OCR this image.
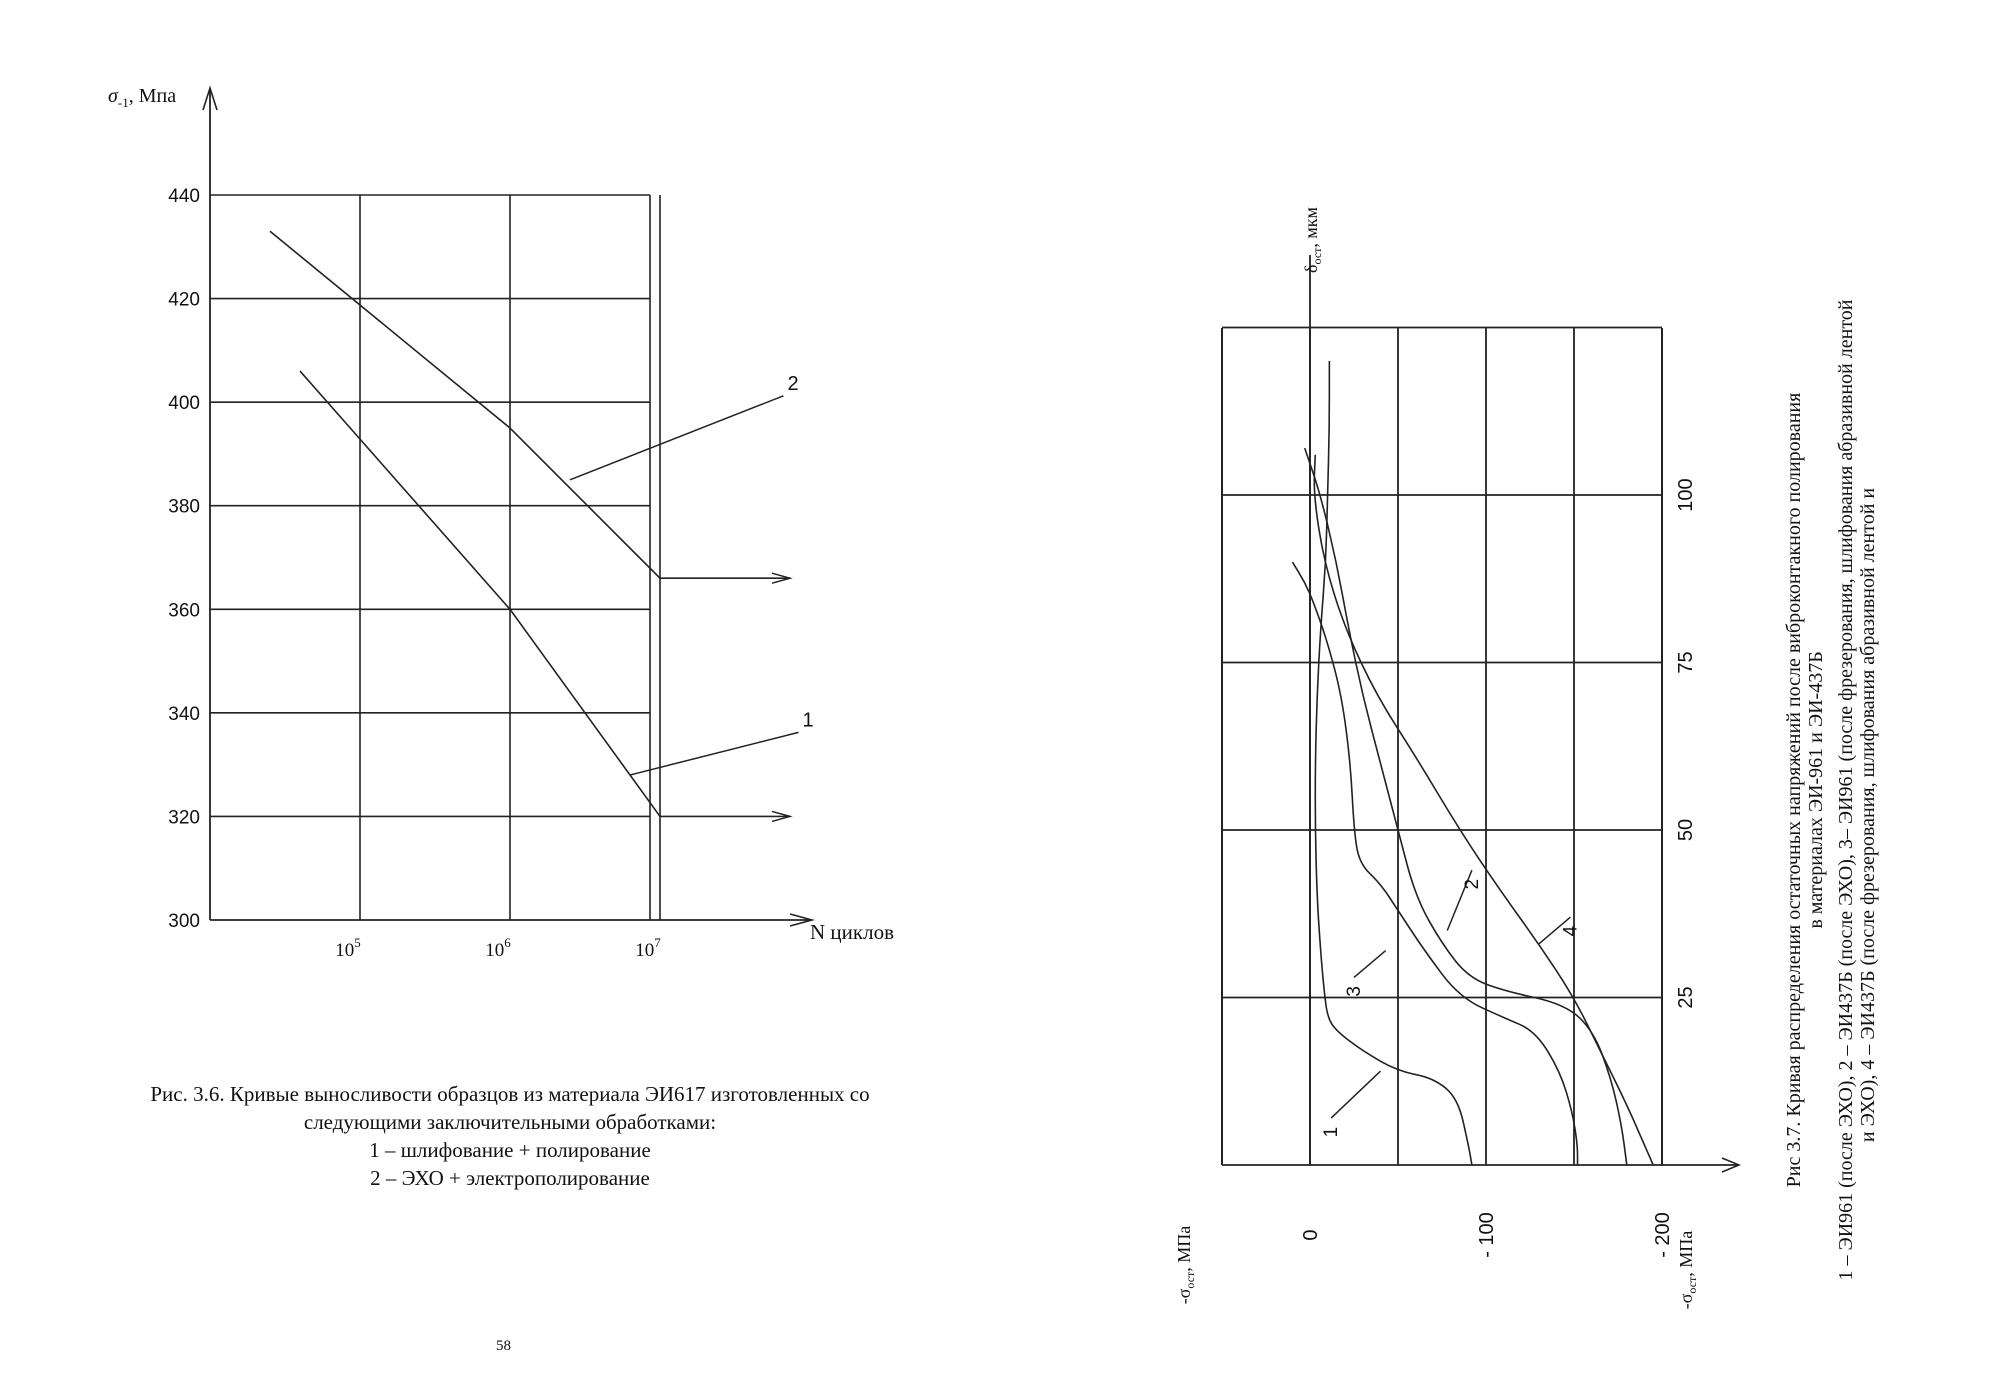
300
320
340
360
380
400
420
440
$10^5$	$10^6$	$10^7$
$\sigma_{-1}$, Мпа
N циклов
1
2
Рис. 3.6. Кривые выносливости образцов из материала ЭИ617 изготовленных со
следующими заключительными обработками:
1 – шлифование + полирование
2 – ЭХО + электрополирование
58
0	- 100	- 200
25
50
75
100
$\delta_{ост}$, мкм
$-\sigma_{ост}$, МПа
$-\sigma_{ост}$, МПа
1
2
3
4	Рис 3.7. Кривая распределения остаточных напряжений после виброконтакного полирования в материалах ЭИ-961 и ЭИ-437Б 1 – ЭИ961 (после ЭХО), 2 – ЭИ437Б (после ЭХО), 3– ЭИ961 (после фрезерования, шлифования абразивной лентой и ЭХО), 4 – ЭИ437Б (после фрезерования, шлифования абразивной лентой и
